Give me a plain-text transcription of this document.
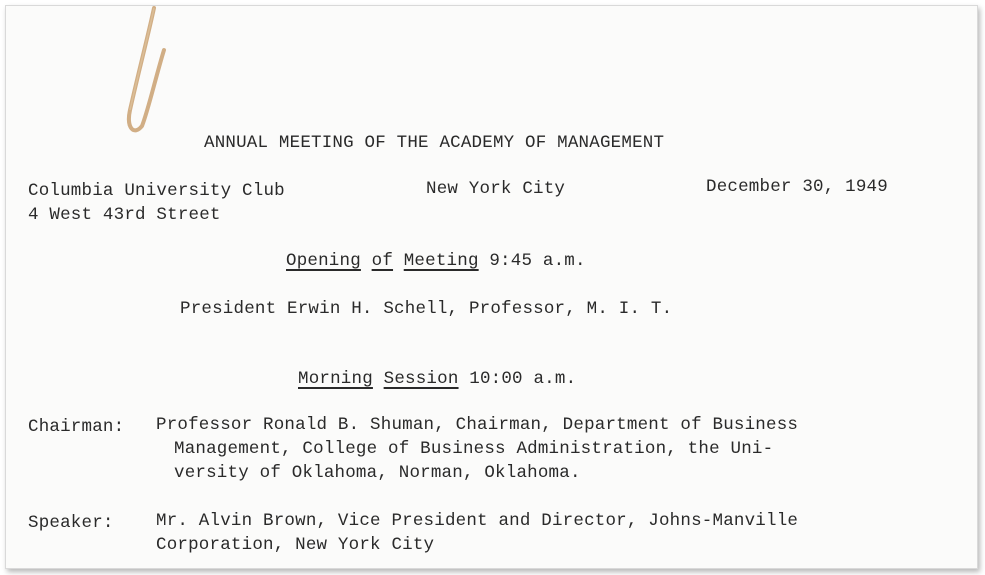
ANNUAL MEETING OF THE ACADEMY OF MANAGEMENT
Columbia University Club
4 West 43rd Street
New York City	December 30, 1949
Opening of Meeting 9:45 a.m.
President Erwin H. Schell, Professor, M. I. T.
Morning Session 10:00 a.m.
Chairman: Professor Ronald B. Shuman, Chairman, Department of Business
Management, College of Business Administration, the Uni-
versity of Oklahoma, Norman, Oklahoma.
Speaker: Mr. Alvin Brown, Vice President and Director, Johns-Manville
Corporation, New York City
